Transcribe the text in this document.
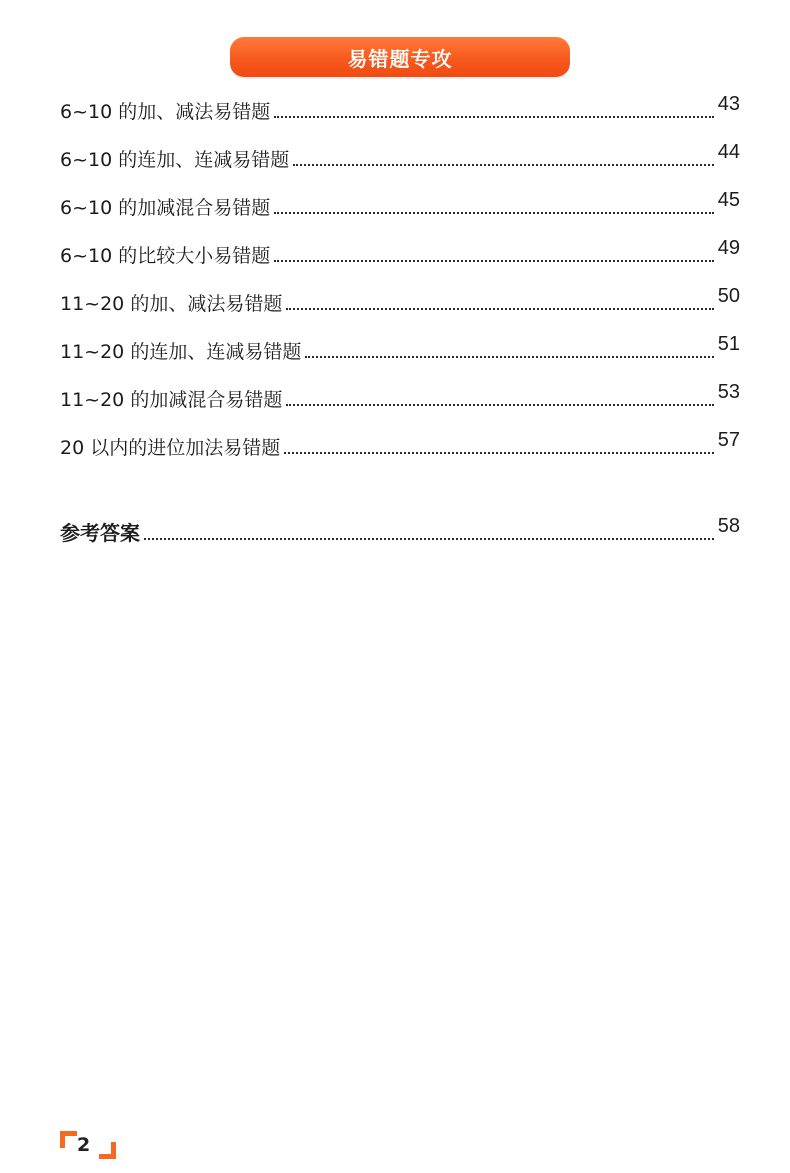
易错题专攻
6~10 的加、减法易错题	43
6~10 的连加、连减易错题	44
6~10 的加减混合易错题	45
6~10 的比较大小易错题	49
11~20 的加、减法易错题	50
11~20 的连加、连减易错题	51
11~20 的加减混合易错题	53
20 以内的进位加法易错题	57
参考答案	58
2
